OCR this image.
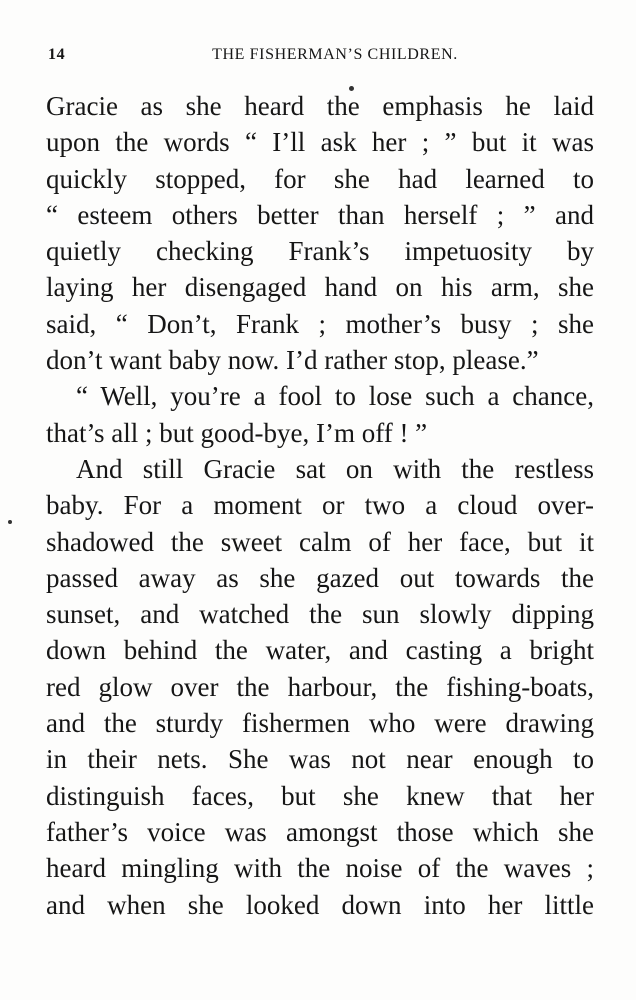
14	THE FISHERMAN’S CHILDREN.
Gracie as she heard the emphasis he laid
upon the words “ I’ll ask her ; ” but it was
quickly stopped, for she had learned to
“ esteem others better than herself ; ” and
quietly checking Frank’s impetuosity by
laying her disengaged hand on his arm, she
said, “ Don’t, Frank ; mother’s busy ; she
don’t want baby now. I’d rather stop, please.”
“ Well, you’re a fool to lose such a chance,
that’s all ; but good-bye, I’m off ! ”
And still Gracie sat on with the restless
baby. For a moment or two a cloud over-
shadowed the sweet calm of her face, but it
passed away as she gazed out towards the
sunset, and watched the sun slowly dipping
down behind the water, and casting a bright
red glow over the harbour, the fishing-boats,
and the sturdy fishermen who were drawing
in their nets. She was not near enough to
distinguish faces, but she knew that her
father’s voice was amongst those which she
heard mingling with the noise of the waves ;
and when she looked down into her little
